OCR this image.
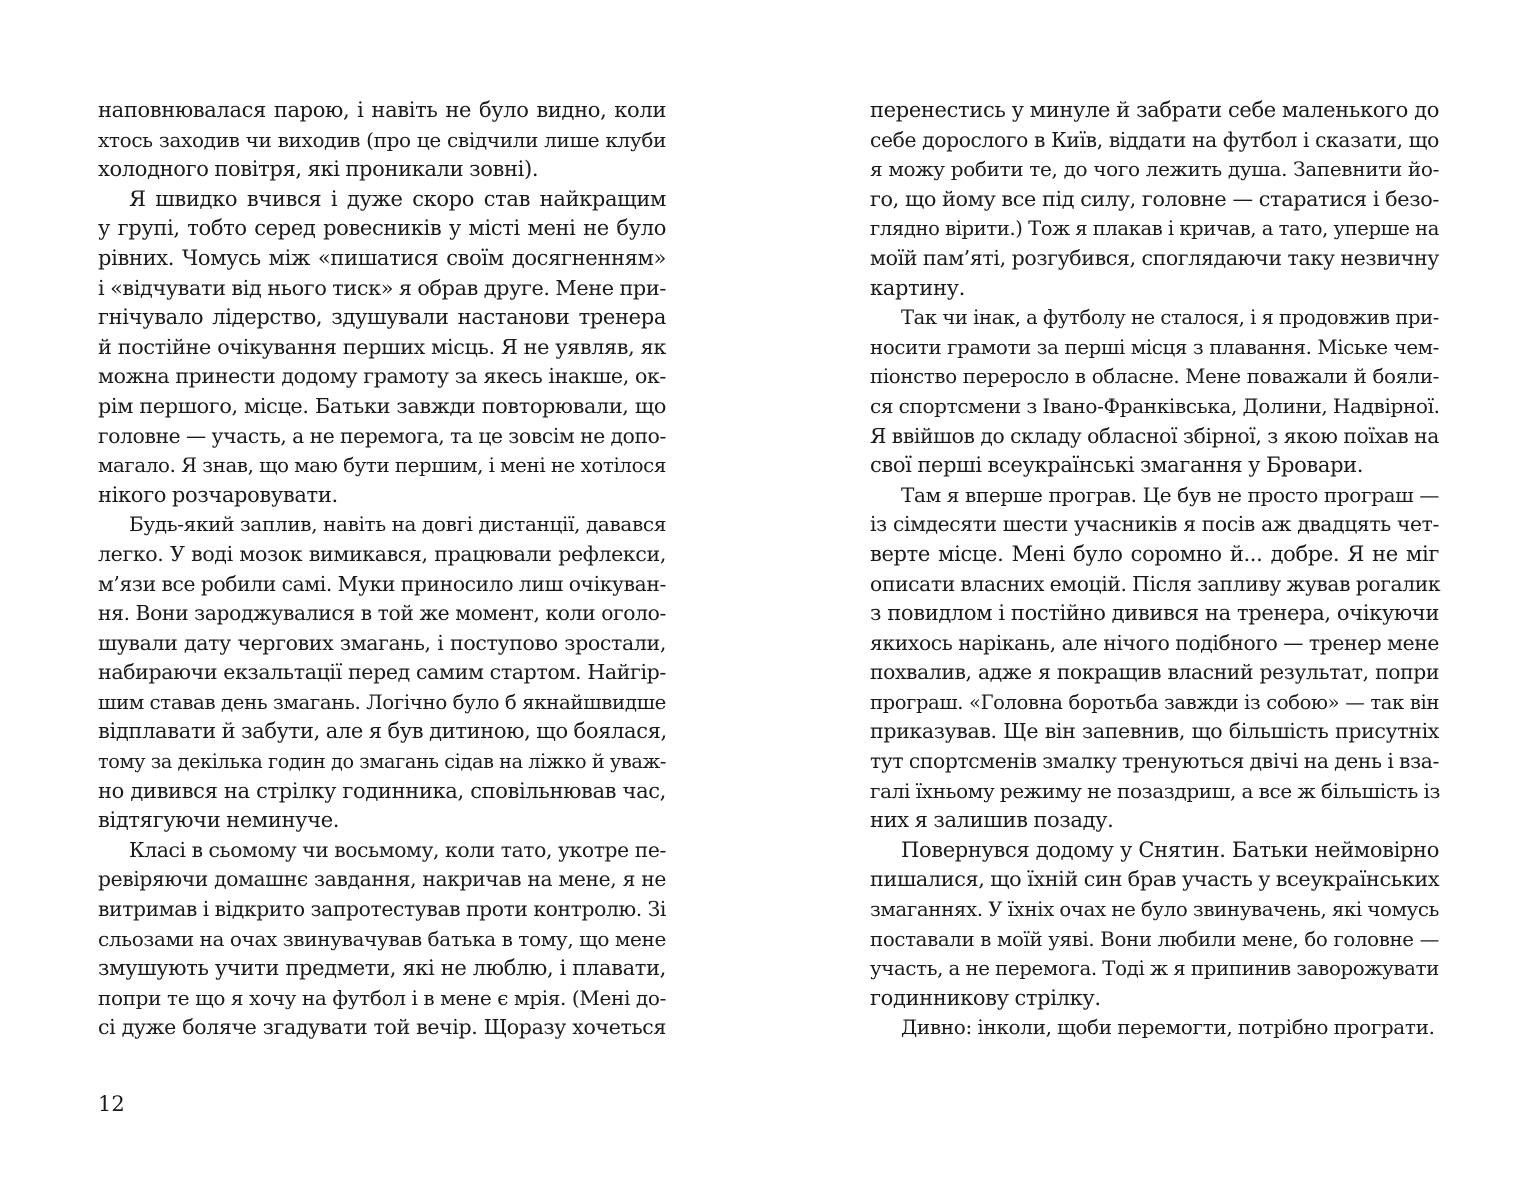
наповнювалася парою, і навіть не було видно, коли
хтось заходив чи виходив (про це свідчили лише клуби
холодного повітря, які проникали зовні).
Я швидко вчився і дуже скоро став найкращим
у групі, тобто серед ровесників у місті мені не було
рівних. Чомусь між «пишатися своїм досягненням»
і «відчувати від нього тиск» я обрав друге. Мене при-
гнічувало лідерство, здушували настанови тренера
й постійне очікування перших місць. Я не уявляв, як
можна принести додому грамоту за якесь інакше, ок-
рім першого, місце. Батьки завжди повторювали, що
головне — участь, а не перемога, та це зовсім не допо-
магало. Я знав, що маю бути першим, і мені не хотілося
нікого розчаровувати.
Будь-який заплив, навіть на довгі дистанції, давався
легко. У воді мозок вимикався, працювали рефлекси,
м’язи все робили самі. Муки приносило лиш очікуван-
ня. Вони зароджувалися в той же момент, коли оголо-
шували дату чергових змагань, і поступово зростали,
набираючи екзальтації перед самим стартом. Найгір-
шим ставав день змагань. Логічно було б якнайшвидше
відплавати й забути, але я був дитиною, що боялася,
тому за декілька годин до змагань сідав на ліжко й уваж-
но дивився на стрілку годинника, сповільнював час,
відтягуючи неминуче.
Класі в сьомому чи восьмому, коли тато, укотре пе-
ревіряючи домашнє завдання, накричав на мене, я не
витримав і відкрито запротестував проти контролю. Зі
сльозами на очах звинувачував батька в тому, що мене
змушують учити предмети, які не люблю, і плавати,
попри те що я хочу на футбол і в мене є мрія. (Мені до-
сі дуже боляче згадувати той вечір. Щоразу хочеться
12
перенестись у минуле й забрати себе маленького до
себе дорослого в Київ, віддати на футбол і сказати, що
я можу робити те, до чого лежить душа. Запевнити йо-
го, що йому все під силу, головне — старатися і безо-
глядно вірити.) Тож я плакав і кричав, а тато, уперше на
моїй пам’яті, розгубився, споглядаючи таку незвичну
картину.
Так чи інак, а футболу не сталося, і я продовжив при-
носити грамоти за перші місця з плавання. Міське чем-
піонство переросло в обласне. Мене поважали й бояли-
ся спортсмени з Івано-Франківська, Долини, Надвірної.
Я ввійшов до складу обласної збірної, з якою поїхав на
свої перші всеукраїнські змагання у Бровари.
Там я вперше програв. Це був не просто програш —
із сімдесяти шести учасників я посів аж двадцять чет-
верте місце. Мені було соромно й... добре. Я не міг
описати власних емоцій. Після запливу жував рогалик
з повидлом і постійно дивився на тренера, очікуючи
якихось нарікань, але нічого подібного — тренер мене
похвалив, адже я покращив власний результат, попри
програш. «Головна боротьба завжди із собою» — так він
приказував. Ще він запевнив, що більшість присутніх
тут спортсменів змалку тренуються двічі на день і вза-
галі їхньому режиму не позаздриш, а все ж більшість із
них я залишив позаду.
Повернувся додому у Снятин. Батьки неймовірно
пишалися, що їхній син брав участь у всеукраїнських
змаганнях. У їхніх очах не було звинувачень, які чомусь
поставали в моїй уяві. Вони любили мене, бо головне —
участь, а не перемога. Тоді ж я припинив заворожувати
годинникову стрілку.
Дивно: інколи, щоби перемогти, потрібно програти.
